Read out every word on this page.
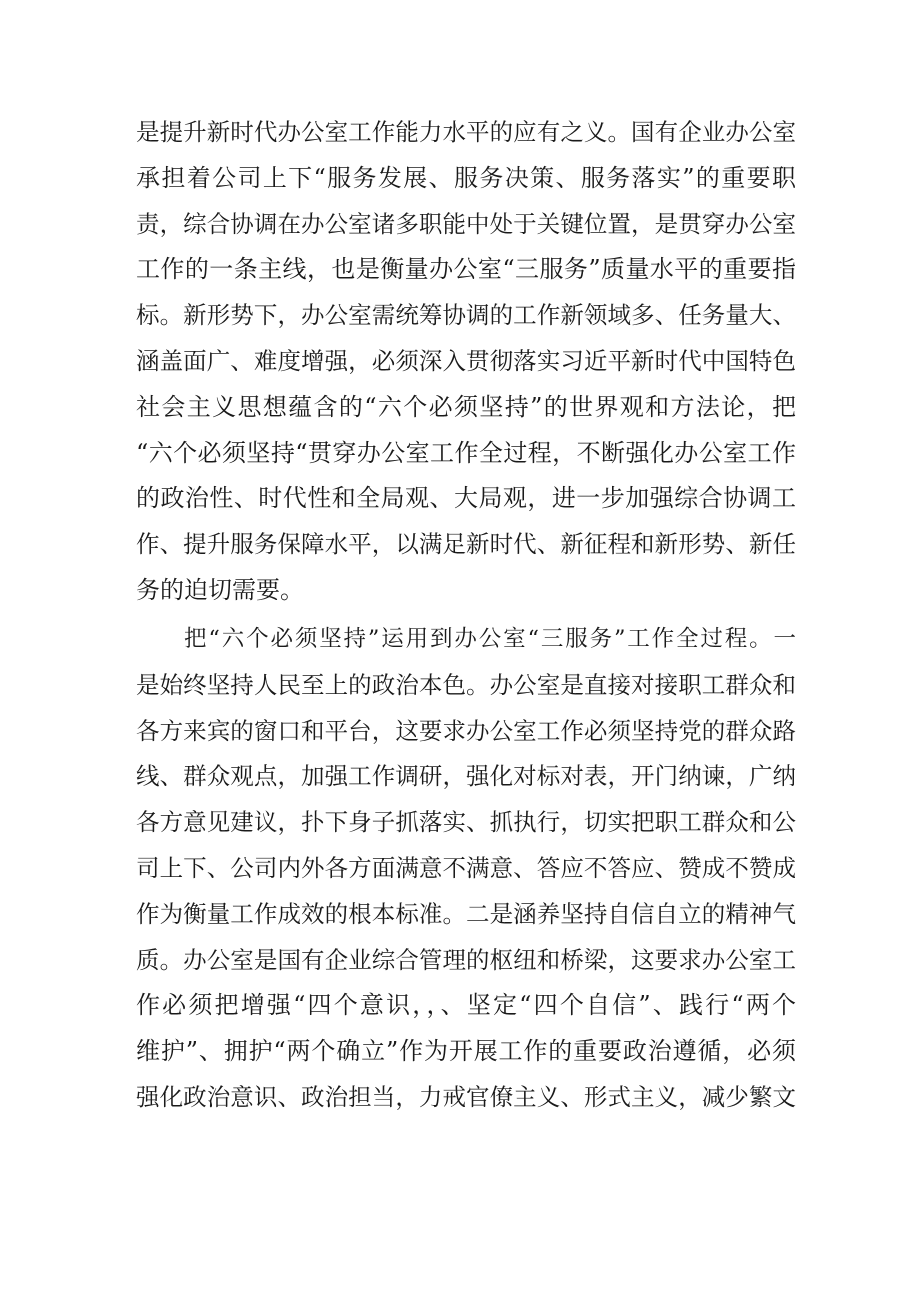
是提升新时代办公室工作能力水平的应有之义。国有企业办公室
承担着公司上下“服务发展、服务决策、服务落实”的重要职
责，综合协调在办公室诸多职能中处于关键位置，是贯穿办公室
工作的一条主线，也是衡量办公室“三服务”质量水平的重要指
标。新形势下，办公室需统筹协调的工作新领域多、任务量大、
涵盖面广、难度增强，必须深入贯彻落实习近平新时代中国特色
社会主义思想蕴含的“六个必须坚持”的世界观和方法论，把
“六个必须坚持“贯穿办公室工作全过程，不断强化办公室工作
的政治性、时代性和全局观、大局观，进一步加强综合协调工
作、提升服务保障水平，以满足新时代、新征程和新形势、新任
务的迫切需要。
把“六个必须坚持”运用到办公室“三服务”工作全过程。一
是始终坚持人民至上的政治本色。办公室是直接对接职工群众和
各方来宾的窗口和平台，这要求办公室工作必须坚持党的群众路
线、群众观点，加强工作调研，强化对标对表，开门纳谏，广纳
各方意见建议，扑下身子抓落实、抓执行，切实把职工群众和公
司上下、公司内外各方面满意不满意、答应不答应、赞成不赞成
作为衡量工作成效的根本标准。二是涵养坚持自信自立的精神气
质。办公室是国有企业综合管理的枢纽和桥梁，这要求办公室工
作必须把增强“四个意识，，、坚定“四个自信”、践行“两个
维护”、拥护“两个确立”作为开展工作的重要政治遵循，必须
强化政治意识、政治担当，力戒官僚主义、形式主义，减少繁文
